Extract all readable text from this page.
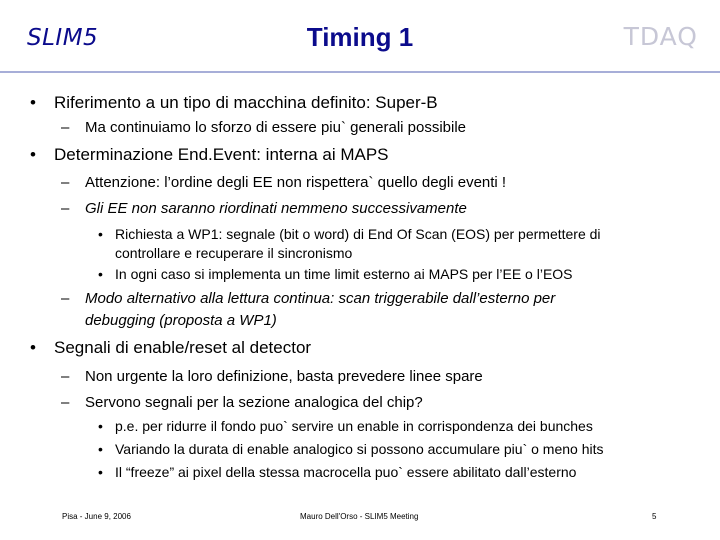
SLIM5	Timing 1	TDAQ
• Riferimento a un tipo di macchina definito: Super-B
– Ma continuiamo lo sforzo di essere piu` generali possibile
• Determinazione End.Event: interna ai MAPS
– Attenzione: l’ordine degli EE non rispettera` quello degli eventi !
– Gli EE non saranno riordinati nemmeno successivamente
• Richiesta a WP1: segnale (bit o word) di End Of Scan (EOS) per permettere di
controllare e recuperare il sincronismo
• In ogni caso si implementa un time limit esterno ai MAPS per l’EE o l’EOS
– Modo alternativo alla lettura continua: scan triggerabile dall’esterno per
debugging (proposta a WP1)
• Segnali di enable/reset al detector
– Non urgente la loro definizione, basta prevedere linee spare
– Servono segnali per la sezione analogica del chip?
• p.e. per ridurre il fondo puo` servire un enable in corrispondenza dei bunches
• Variando la durata di enable analogico si possono accumulare piu` o meno hits
• Il “freeze” ai pixel della stessa macrocella puo` essere abilitato dall’esterno
Pisa - June 9, 2006	Mauro Dell'Orso - SLIM5 Meeting	5
